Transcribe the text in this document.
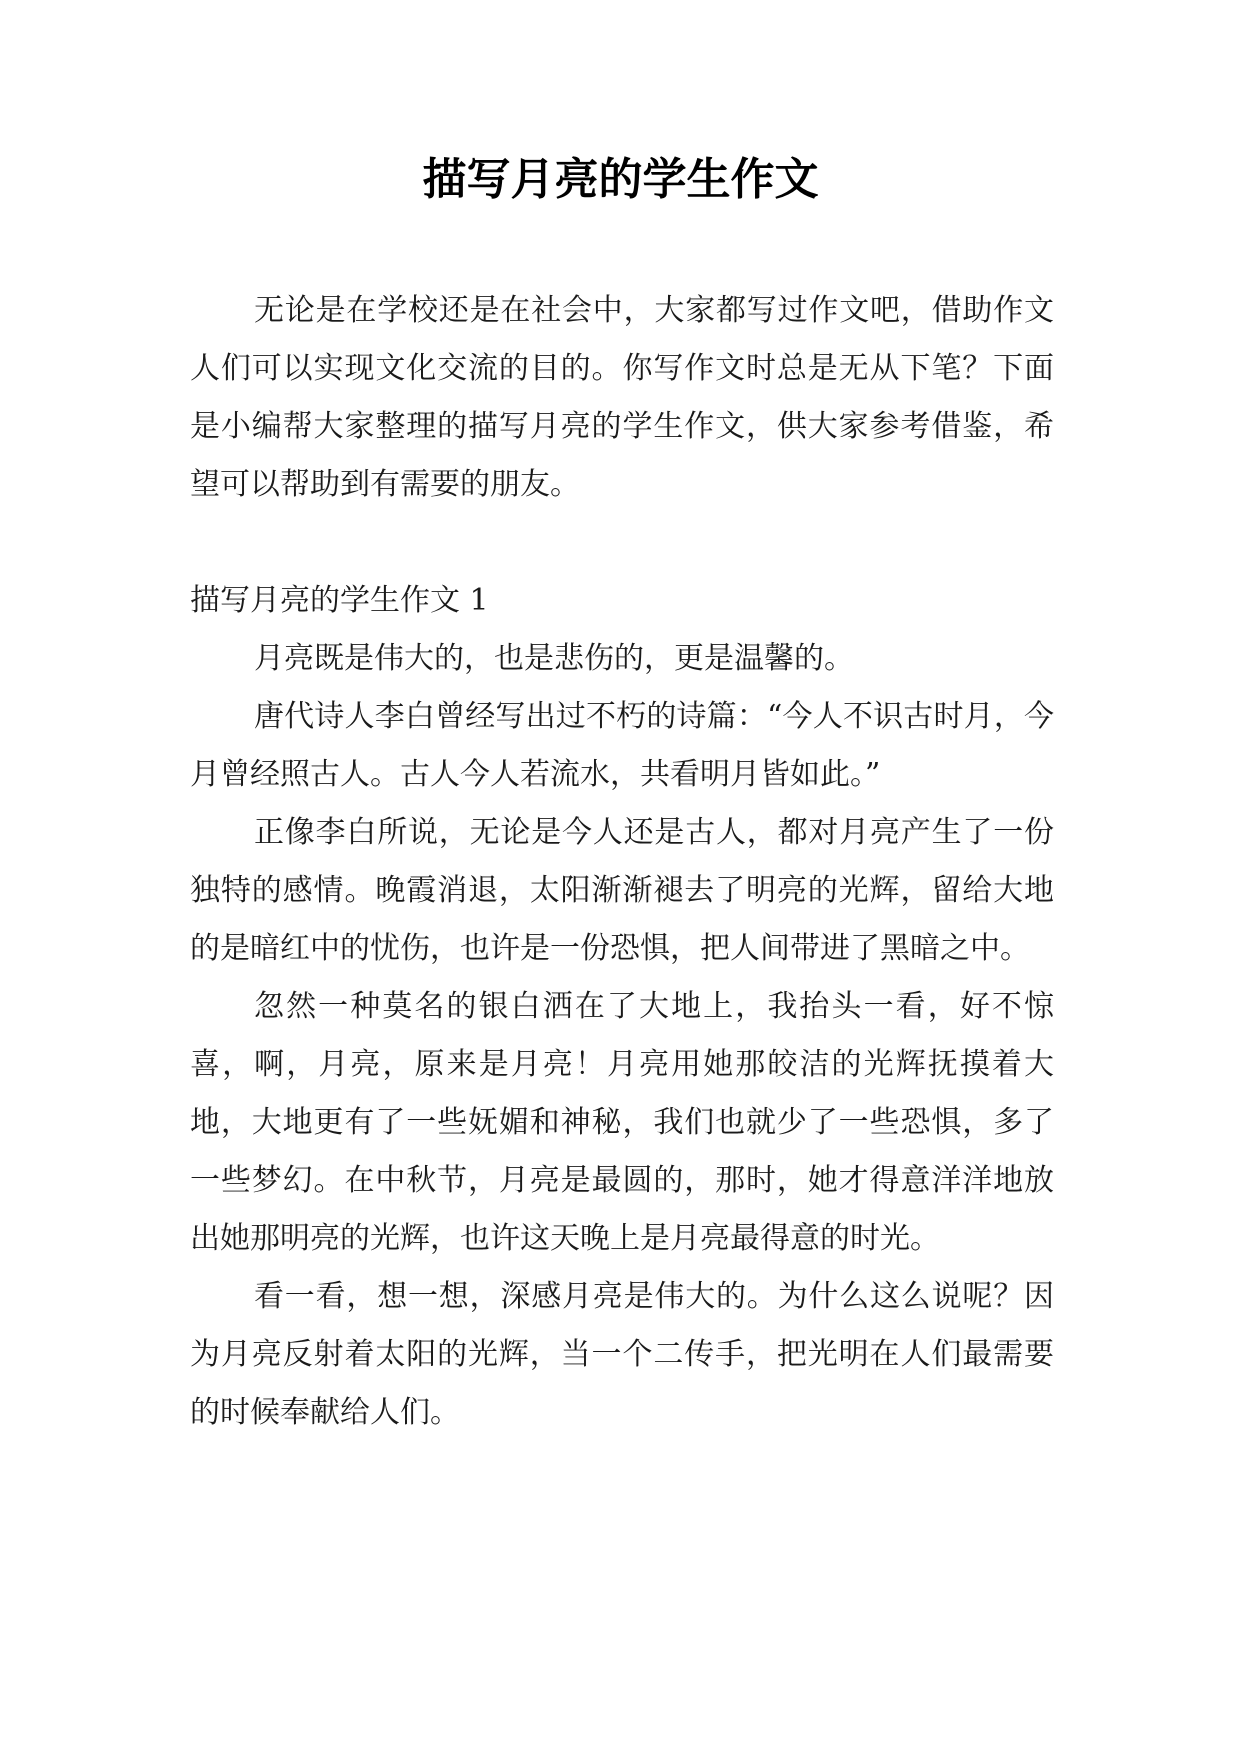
描写月亮的学生作文

无论是在学校还是在社会中，大家都写过作文吧，借助作文人们可以实现文化交流的目的。你写作文时总是无从下笔？下面是小编帮大家整理的描写月亮的学生作文，供大家参考借鉴，希望可以帮助到有需要的朋友。

描写月亮的学生作文 1

月亮既是伟大的，也是悲伤的，更是温馨的。

唐代诗人李白曾经写出过不朽的诗篇：“今人不识古时月，今月曾经照古人。古人今人若流水，共看明月皆如此。”

正像李白所说，无论是今人还是古人，都对月亮产生了一份独特的感情。晚霞消退，太阳渐渐褪去了明亮的光辉，留给大地的是暗红中的忧伤，也许是一份恐惧，把人间带进了黑暗之中。

忽然一种莫名的银白洒在了大地上，我抬头一看，好不惊喜，啊，月亮，原来是月亮！月亮用她那皎洁的光辉抚摸着大地，大地更有了一些妩媚和神秘，我们也就少了一些恐惧，多了一些梦幻。在中秋节，月亮是最圆的，那时，她才得意洋洋地放出她那明亮的光辉，也许这天晚上是月亮最得意的时光。

看一看，想一想，深感月亮是伟大的。为什么这么说呢？因为月亮反射着太阳的光辉，当一个二传手，把光明在人们最需要的时候奉献给人们。
